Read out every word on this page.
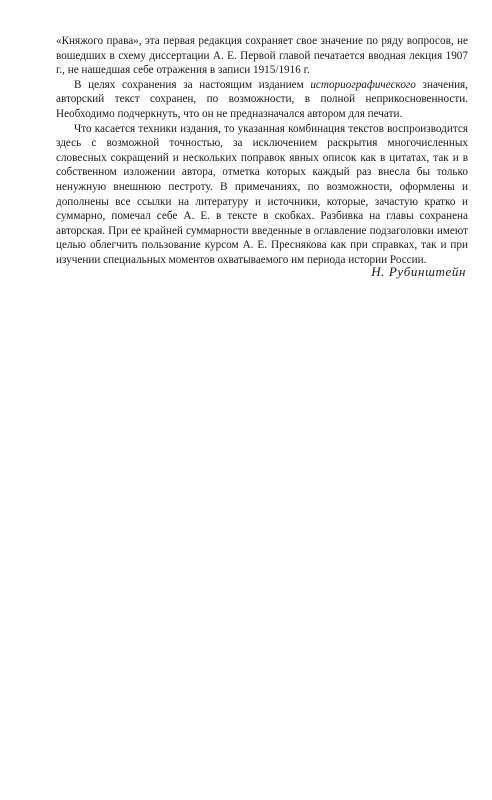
«Княжого права», эта первая редакция сохраняет свое значение по ряду вопросов, не вошедших в схему диссертации А. Е. Первой главой печатается вводная лекция 1907 г., не нашедшая себе отражения в записи 1915/1916 г.

В целях сохранения за настоящим изданием историографического значения, авторский текст сохранен, по возможности, в полной неприкосновенности. Необходимо подчеркнуть, что он не предназначался автором для печати.

Что касается техники издания, то указанная комбинация текстов воспроизводится здесь с возможной точностью, за исключением раскрытия многочисленных словесных сокращений и нескольких поправок явных описок как в цитатах, так и в собственном изложении автора, отметка которых каждый раз внесла бы только ненужную внешнюю пестроту. В примечаниях, по возможности, оформлены и дополнены все ссылки на литературу и источники, которые, зачастую кратко и суммарно, помечал себе А. Е. в тексте в скобках. Разбивка на главы сохранена авторская. При ее крайней суммарности введенные в оглавление подзаголовки имеют целью облегчить пользование курсом А. Е. Преснякова как при справках, так и при изучении специальных моментов охватываемого им периода истории России.

Н. Рубинштейн
